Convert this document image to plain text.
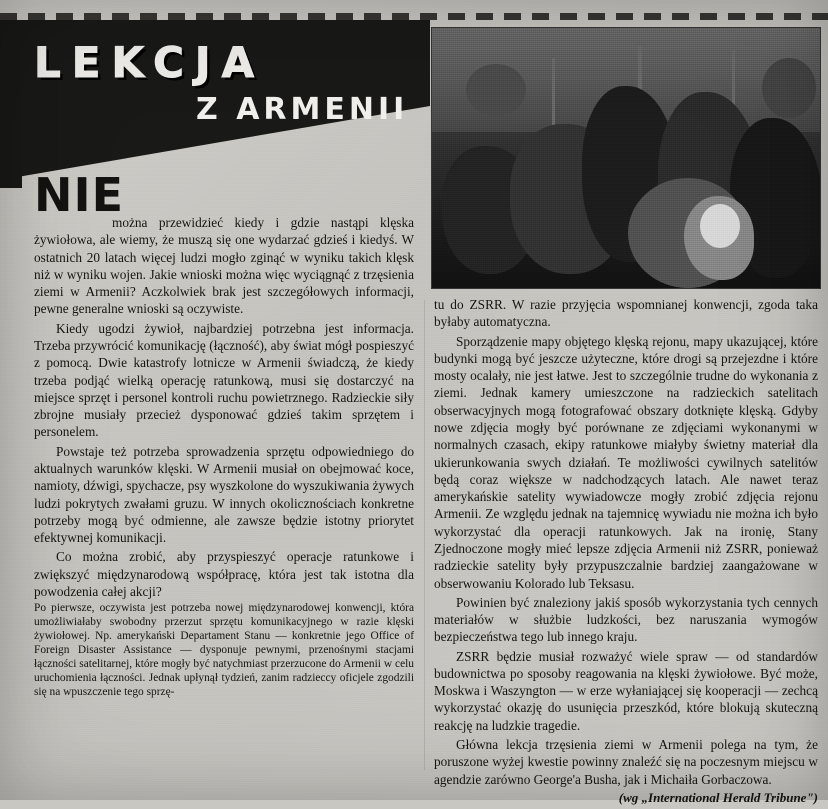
LEKCJA
Z ARMENII
NIE

można przewidzieć kiedy i gdzie nastąpi klęska żywiołowa, ale wiemy, że muszą się one wydarzać gdzieś i kiedyś. W ostatnich 20 latach więcej ludzi mogło zginąć w wyniku takich klęsk niż w wyniku wojen. Jakie wnioski można więc wyciągnąć z trzęsienia ziemi w Armenii? Aczkolwiek brak jest szczegółowych informacji, pewne generalne wnioski są oczywiste.

Kiedy ugodzi żywioł, najbardziej potrzebna jest informacja. Trzeba przywrócić komunikację (łączność), aby świat mógł pospieszyć z pomocą. Dwie katastrofy lotnicze w Armenii świadczą, że kiedy trzeba podjąć wielką operację ratunkową, musi się dostarczyć na miejsce sprzęt i personel kontroli ruchu powietrznego. Radzieckie siły zbrojne musiały przecież dysponować gdzieś takim sprzętem i personelem.

Powstaje też potrzeba sprowadzenia sprzętu odpowiedniego do aktualnych warunków klęski. W Armenii musiał on obejmować koce, namioty, dźwigi, spychacze, psy wyszkolone do wyszukiwania żywych ludzi pokrytych zwałami gruzu. W innych okolicznościach konkretne potrzeby mogą być odmienne, ale zawsze będzie istotny priorytet efektywnej komunikacji.

Co można zrobić, aby przyspieszyć operacje ratunkowe i zwiększyć międzynarodową współpracę, która jest tak istotna dla powodzenia całej akcji?

Po pierwsze, oczywista jest potrzeba nowej międzynarodowej konwencji, która umożliwiałaby swobodny przerzut sprzętu komunikacyjnego w razie klęski żywiołowej. Np. amerykański Departament Stanu — konkretnie jego Office of Foreign Disaster Assistance — dysponuje pewnymi, przenośnymi stacjami łączności satelitarnej, które mogły być natychmiast przerzucone do Armenii w celu uruchomienia łączności. Jednak upłynął tydzień, zanim radzieccy oficjele zgodzili się na wpuszczenie tego sprzę-

tu do ZSRR. W razie przyjęcia wspomnianej konwencji, zgoda taka byłaby automatyczna.

Sporządzenie mapy objętego klęską rejonu, mapy ukazującej, które budynki mogą być jeszcze użyteczne, które drogi są przejezdne i które mosty ocalały, nie jest łatwe. Jest to szczególnie trudne do wykonania z ziemi. Jednak kamery umieszczone na radzieckich satelitach obserwacyjnych mogą fotografować obszary dotknięte klęską. Gdyby nowe zdjęcia mogły być porównane ze zdjęciami wykonanymi w normalnych czasach, ekipy ratunkowe miałyby świetny materiał dla ukierunkowania swych działań. Te możliwości cywilnych satelitów będą coraz większe w nadchodzących latach. Ale nawet teraz amerykańskie satelity wywiadowcze mogły zrobić zdjęcia rejonu Armenii. Ze względu jednak na tajemnicę wywiadu nie można ich było wykorzystać dla operacji ratunkowych. Jak na ironię, Stany Zjednoczone mogły mieć lepsze zdjęcia Armenii niż ZSRR, ponieważ radzieckie satelity były przypuszczalnie bardziej zaangażowane w obserwowaniu Kolorado lub Teksasu.

Powinien być znaleziony jakiś sposób wykorzystania tych cennych materiałów w służbie ludzkości, bez naruszania wymogów bezpieczeństwa tego lub innego kraju.

ZSRR będzie musiał rozważyć wiele spraw — od standardów budownictwa po sposoby reagowania na klęski żywiołowe. Być może, Moskwa i Waszyngton — w erze wyłaniającej się kooperacji — zechcą wykorzystać okazję do usunięcia przeszkód, które blokują skuteczną reakcję na ludzkie tragedie.

Główna lekcja trzęsienia ziemi w Armenii polega na tym, że poruszone wyżej kwestie powinny znaleźć się na poczesnym miejscu w agendzie zarówno George'a Busha, jak i Michaiła Gorbaczowa.

(wg „International Herald Tribune")
